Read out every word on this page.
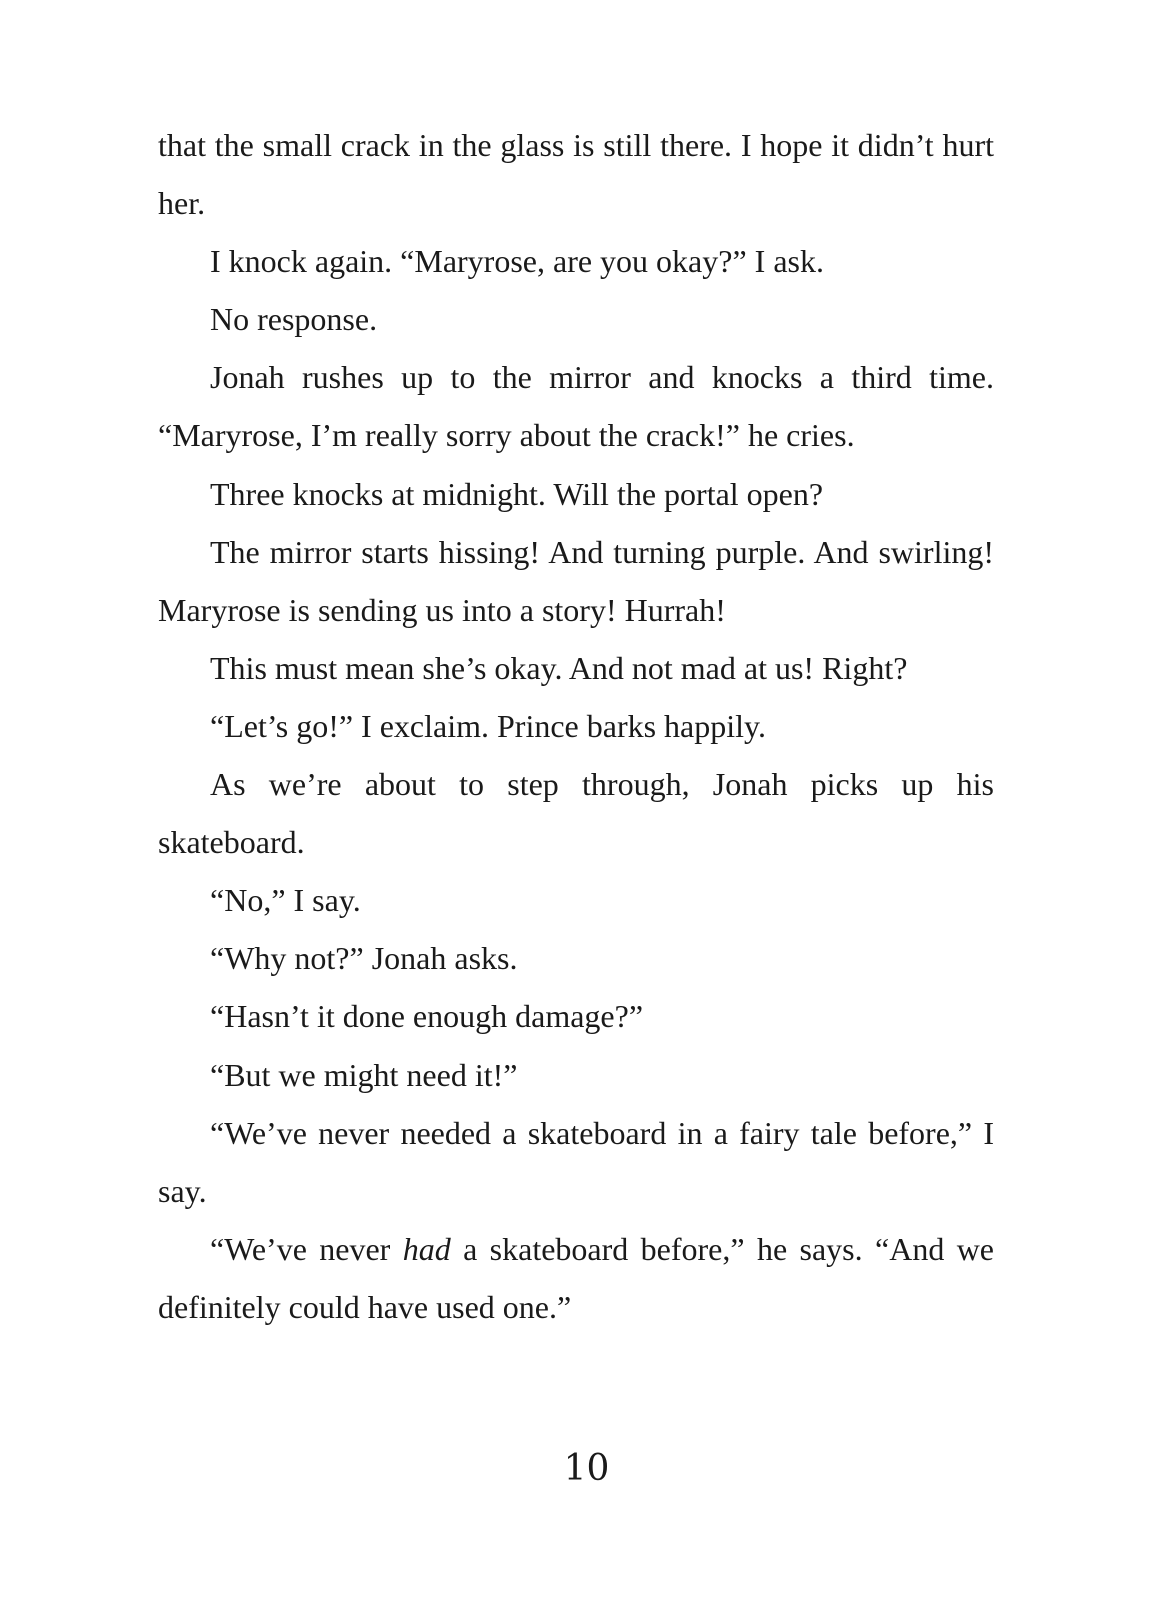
that the small crack in the glass is still there. I hope it didn’t hurt her.

I knock again. “Maryrose, are you okay?” I ask.

No response.

Jonah rushes up to the mirror and knocks a third time. “Maryrose, I’m really sorry about the crack!” he cries.

Three knocks at midnight. Will the portal open?

The mirror starts hissing! And turning purple. And swirling! Maryrose is sending us into a story! Hurrah!

This must mean she’s okay. And not mad at us! Right?

“Let’s go!” I exclaim. Prince barks happily.

As we’re about to step through, Jonah picks up his skateboard.

“No,” I say.

“Why not?” Jonah asks.

“Hasn’t it done enough damage?”

“But we might need it!”

“We’ve never needed a skateboard in a fairy tale before,” I say.

“We’ve never had a skateboard before,” he says. “And we definitely could have used one.”

10
